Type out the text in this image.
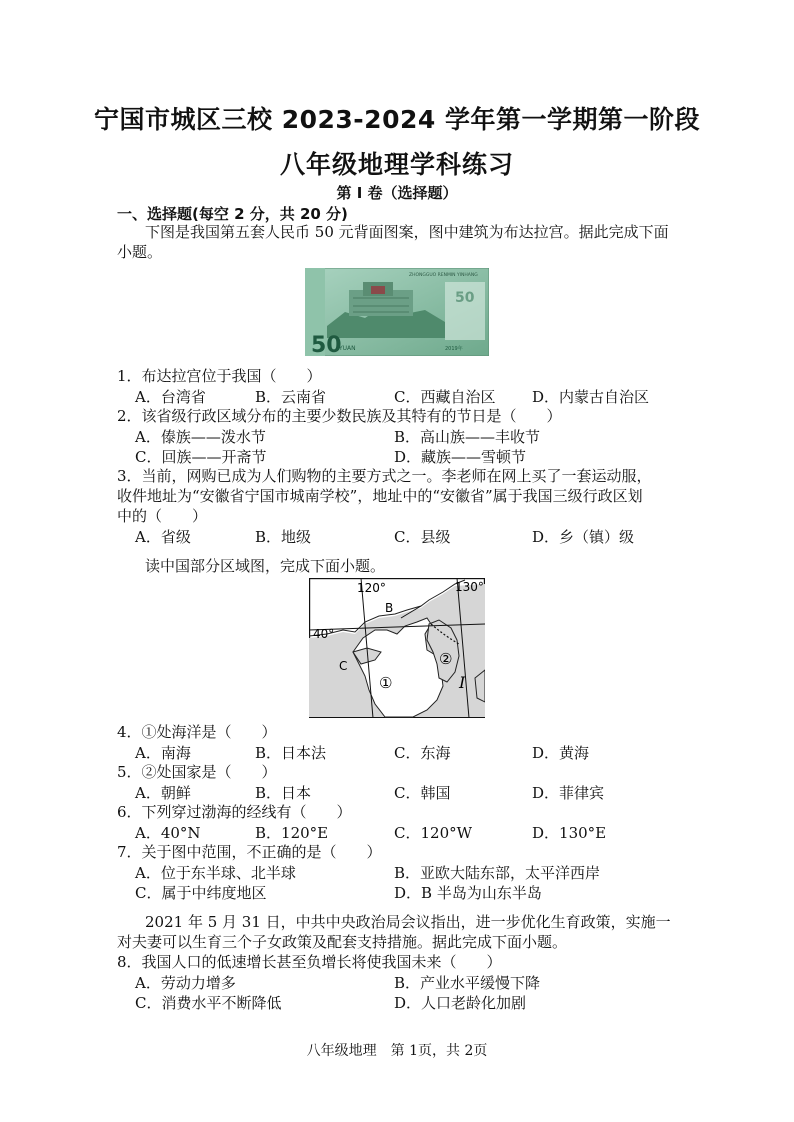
宁国市城区三校 2023-2024 学年第一学期第一阶段
八年级地理学科练习
第 I 卷（选择题）
一、选择题(每空 2 分，共 20 分)
下图是我国第五套人民币 50 元背面图案，图中建筑为布达拉宫。据此完成下面小题。
50
ZHONGGUO RENMIN YINHANG
50
YUAN	2019年
1．布达拉宫位于我国（　　）
A．台湾省	B．云南省	C．西藏自治区 D．内蒙古自治区
2．该省级行政区域分布的主要少数民族及其特有的节日是（　　）
A．傣族——泼水节	B．高山族——丰收节
C．回族——开斋节	D．藏族——雪顿节
3．当前，网购已成为人们购物的主要方式之一。李老师在网上买了一套运动服，
收件地址为“安徽省宁国市城南学校”，地址中的“安徽省”属于我国三级行政区划
中的（　　）
A．省级	B．地级	C．县级	D．乡（镇）级
读中国部分区域图，完成下面小题。
120°	130°
40°
B
C
①
②
I
4．①处海洋是（　　）
A．南海	B．日本法	C．东海	D．黄海
5．②处国家是（　　）
A．朝鲜	B．日本	C．韩国	D．菲律宾
6．下列穿过渤海的经线有（　　）
A．40°N	B．120°E	C．120°W	D．130°E
7．关于图中范围，不正确的是（　　）
A．位于东半球、北半球	B．亚欧大陆东部，太平洋西岸
C．属于中纬度地区	D．B 半岛为山东半岛
2021 年 5 月 31 日，中共中央政治局会议指出，进一步优化生育政策，实施一对夫妻可以生育三个子女政策及配套支持措施。据此完成下面小题。
8．我国人口的低速增长甚至负增长将使我国未来（　　）
A．劳动力增多	B．产业水平缓慢下降
C．消费水平不断降低	D．人口老龄化加剧
八年级地理　第 1页，共 2页
